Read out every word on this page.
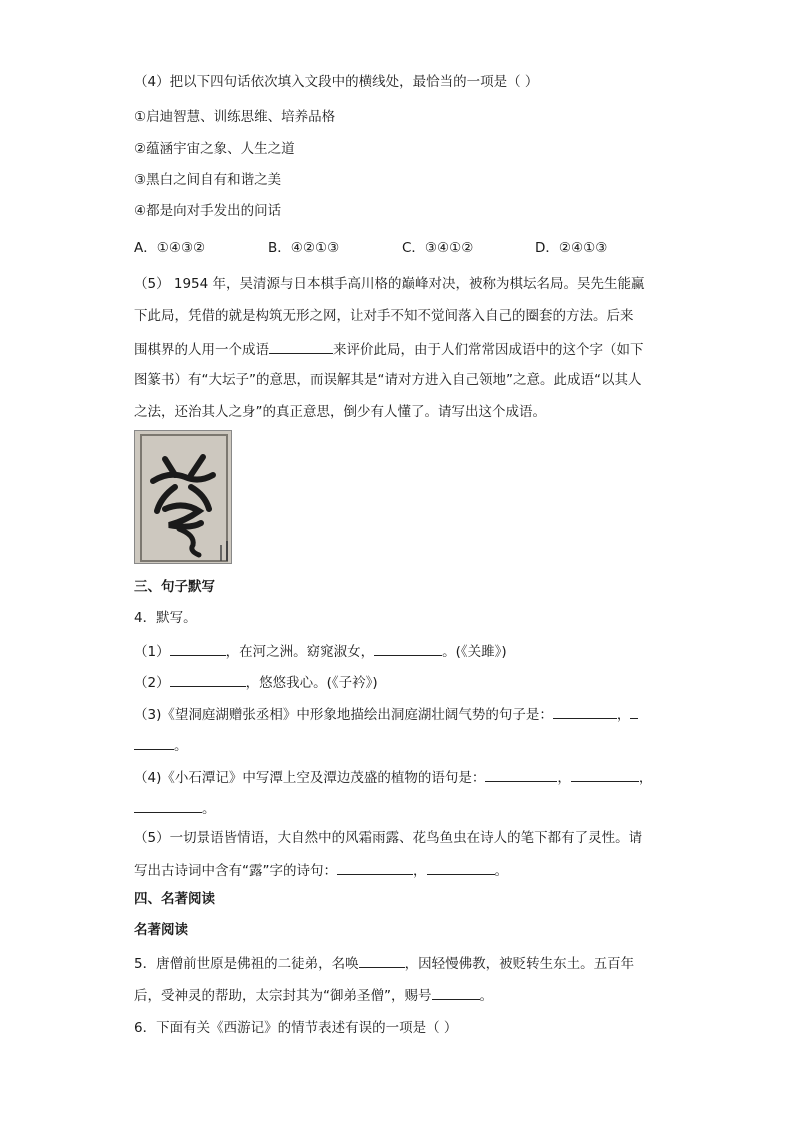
（4）把以下四句话依次填入文段中的横线处，最恰当的一项是（ ）
①启迪智慧、训练思维、培养品格
②蕴涵宇宙之象、人生之道
③黑白之间自有和谐之美
④都是向对手发出的问话
A．①④③②	B．④②①③	C．③④①②	D．②④①③
（5） 1954 年，吴清源与日本棋手高川格的巅峰对决，被称为棋坛名局。吴先生能赢
下此局，凭借的就是构筑无形之网，让对手不知不觉间落入自己的圈套的方法。后来
围棋界的人用一个成语	来评价此局，由于人们常常因成语中的这个字（如下
图篆书）有“大坛子”的意思，而误解其是“请对方进入自己领地”之意。此成语“以其人
之法，还治其人之身”的真正意思，倒少有人懂了。请写出这个成语。
三、句子默写
4．默写。
（1）	，在河之洲。窈窕淑女，	。(《关雎》)
（2）	，悠悠我心。(《子衿》)
（3)《望洞庭湖赠张丞相》中形象地描绘出洞庭湖壮阔气势的句子是：	，
。
（4)《小石潭记》中写潭上空及潭边茂盛的植物的语句是：	，	，
。
（5）一切景语皆情语，大自然中的风霜雨露、花鸟鱼虫在诗人的笔下都有了灵性。请
写出古诗词中含有“露”字的诗句：	，	。
四、名著阅读
名著阅读
5．唐僧前世原是佛祖的二徒弟，名唤	，因轻慢佛教，被贬转生东土。五百年
后，受神灵的帮助，太宗封其为“御弟圣僧”，赐号	。
6．下面有关《西游记》的情节表述有误的一项是（ ）
